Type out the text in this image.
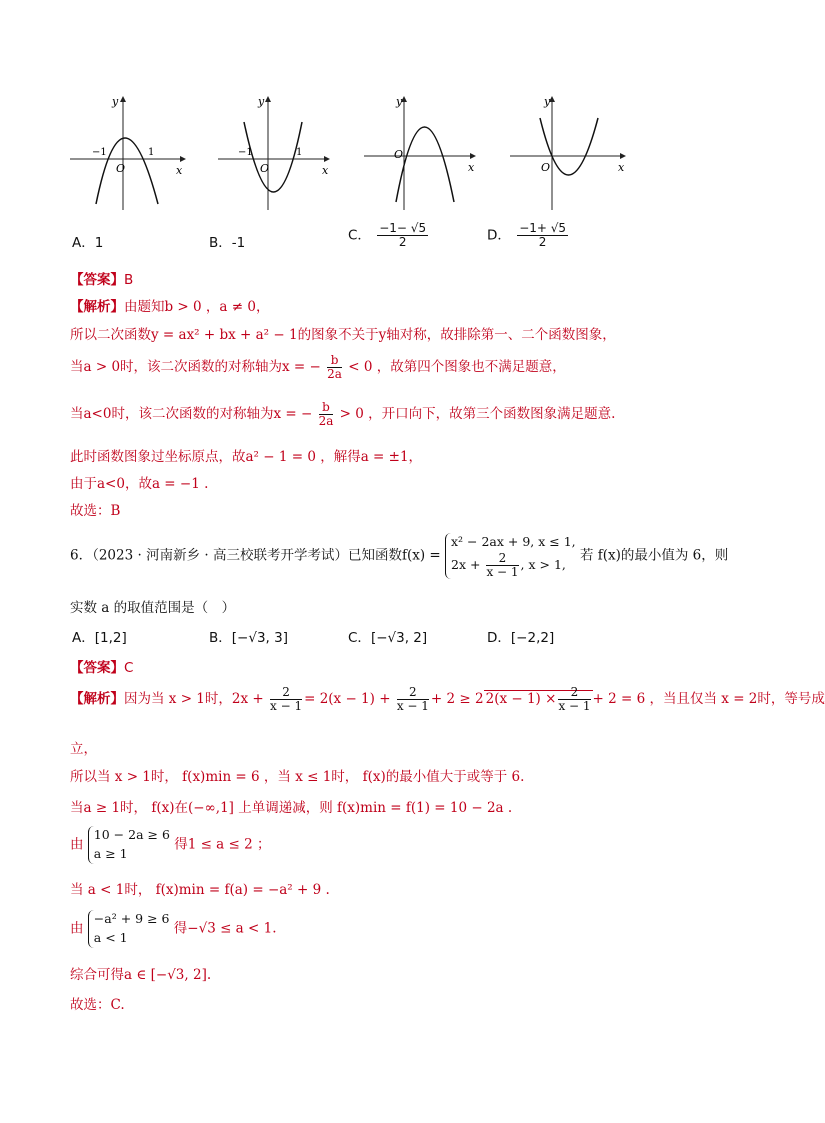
y
x
O
−1	1
y
x
O
−1	1
y
x
O
y
x
O
A．1	B．-1	C． $\frac{-1- √5}{2}$	D． $\frac{-1+ √5}{2}$
【答案】B
【解析】由题知b > 0 ，a ≠ 0，
所以二次函数y = ax² + bx + a² − 1的图象不关于y轴对称，故排除第一、二个函数图象，
当a > 0时，该二次函数的对称轴为x = − $\frac{b}{2a} < 0$ ，故第四个图象也不满足题意，
当a<0时，该二次函数的对称轴为x = − $\frac{b}{2a} > 0$ ，开口向下，故第三个函数图象满足题意.
此时函数图象过坐标原点，故a² − 1 = 0 ，解得a = ±1，
由于a<0，故a = −1 .
故选：B
6．（2023 · 河南新乡 · 高三校联考开学考试）已知函数f(x) =
x² − 2ax + 9, x ≤ 1,
$2x + \frac{2}{x - 1}$ , x > 1,
若 f(x)的最小值为 6，则
实数 a 的取值范围是（　）
A．[1,2]	B．[−√3, 3]	C．[−√3, 2]	D．[−2,2]
【答案】C
【解析】因为当 x > 1时，$2x + \frac{2}{x - 1} = 2(x - 1) + \frac{2}{x - 1} + 2 \ge 2$ $2(x - 1) \times \frac{2}{x - 1} + 2 = 6$ ，当且仅当 x = 2时，等号成
立，
所以当 x > 1时， f(x)min = 6 ，当 x ≤ 1时， f(x)的最小值大于或等于 6.
当a ≥ 1时， f(x)在(−∞,1] 上单调递减，则 f(x)min = f(1) = 10 − 2a .
由
10 − 2a ≥ 6
a ≥ 1
得1 ≤ a ≤ 2 ；
当 a < 1时， f(x)min = f(a) = −a² + 9 .
由
−a² + 9 ≥ 6
a < 1
得−√3 ≤ a < 1.
综合可得a ∈ [−√3, 2].
故选：C.
